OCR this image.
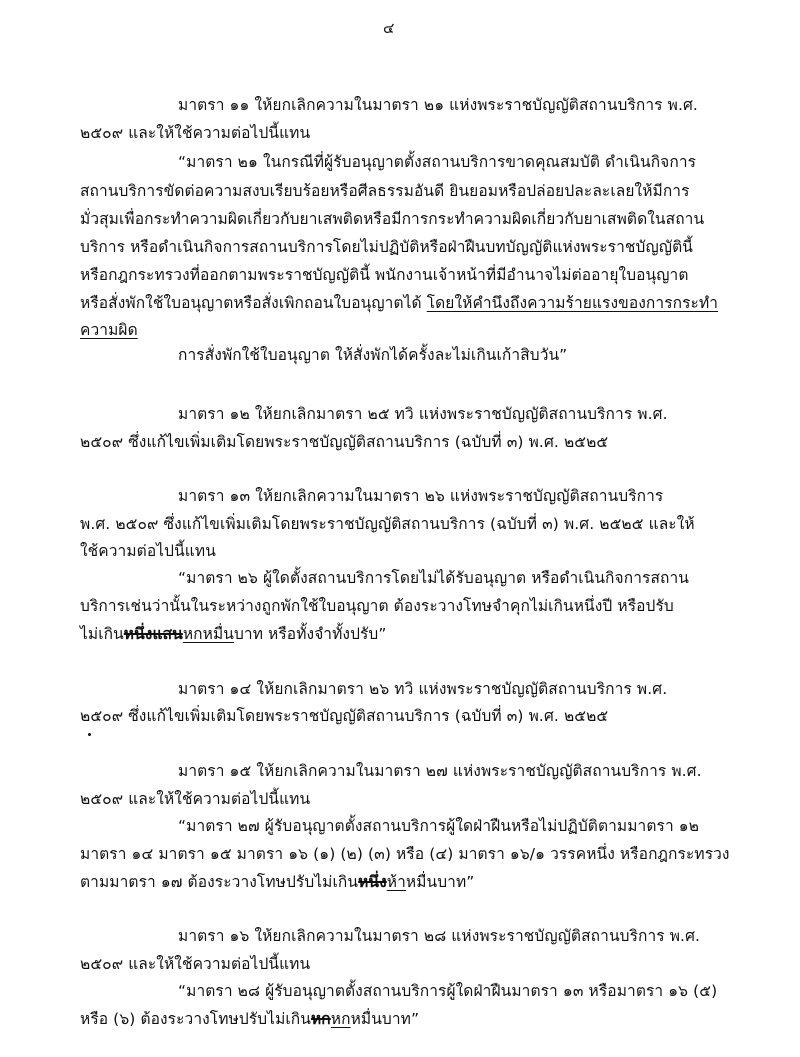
๔
มาตรา ๑๑ ให้ยกเลิกความในมาตรา ๒๑ แห่งพระราชบัญญัติสถานบริการ พ.ศ.
๒๕๐๙ และให้ใช้ความต่อไปนี้แทน
“มาตรา ๒๑ ในกรณีที่ผู้รับอนุญาตตั้งสถานบริการขาดคุณสมบัติ ดำเนินกิจการ
สถานบริการขัดต่อความสงบเรียบร้อยหรือศีลธรรมอันดี ยินยอมหรือปล่อยปละละเลยให้มีการ
มั่วสุมเพื่อกระทำความผิดเกี่ยวกับยาเสพติดหรือมีการกระทำความผิดเกี่ยวกับยาเสพติดในสถาน
บริการ หรือดำเนินกิจการสถานบริการโดยไม่ปฏิบัติหรือฝ่าฝืนบทบัญญัติแห่งพระราชบัญญัตินี้
หรือกฎกระทรวงที่ออกตามพระราชบัญญัตินี้ พนักงานเจ้าหน้าที่มีอำนาจไม่ต่ออายุใบอนุญาต
หรือสั่งพักใช้ใบอนุญาตหรือสั่งเพิกถอนใบอนุญาตได้ โดยให้คำนึงถึงความร้ายแรงของการกระทำ
ความผิด
การสั่งพักใช้ใบอนุญาต ให้สั่งพักได้ครั้งละไม่เกินเก้าสิบวัน”
มาตรา ๑๒ ให้ยกเลิกมาตรา ๒๕ ทวิ แห่งพระราชบัญญัติสถานบริการ พ.ศ.
๒๕๐๙ ซึ่งแก้ไขเพิ่มเติมโดยพระราชบัญญัติสถานบริการ (ฉบับที่ ๓) พ.ศ. ๒๕๒๕
มาตรา ๑๓ ให้ยกเลิกความในมาตรา ๒๖ แห่งพระราชบัญญัติสถานบริการ
พ.ศ. ๒๕๐๙ ซึ่งแก้ไขเพิ่มเติมโดยพระราชบัญญัติสถานบริการ (ฉบับที่ ๓) พ.ศ. ๒๕๒๕ และให้
ใช้ความต่อไปนี้แทน
“มาตรา ๒๖ ผู้ใดตั้งสถานบริการโดยไม่ได้รับอนุญาต หรือดำเนินกิจการสถาน
บริการเช่นว่านั้นในระหว่างถูกพักใช้ใบอนุญาต ต้องระวางโทษจำคุกไม่เกินหนึ่งปี หรือปรับ
ไม่เกินหนึ่งแสนหกหมื่นบาท หรือทั้งจำทั้งปรับ”
มาตรา ๑๔ ให้ยกเลิกมาตรา ๒๖ ทวิ แห่งพระราชบัญญัติสถานบริการ พ.ศ.
๒๕๐๙ ซึ่งแก้ไขเพิ่มเติมโดยพระราชบัญญัติสถานบริการ (ฉบับที่ ๓) พ.ศ. ๒๕๒๕
มาตรา ๑๕ ให้ยกเลิกความในมาตรา ๒๗ แห่งพระราชบัญญัติสถานบริการ พ.ศ.
๒๕๐๙ และให้ใช้ความต่อไปนี้แทน
“มาตรา ๒๗ ผู้รับอนุญาตตั้งสถานบริการผู้ใดฝ่าฝืนหรือไม่ปฏิบัติตามมาตรา ๑๒
มาตรา ๑๔ มาตรา ๑๕ มาตรา ๑๖ (๑) (๒) (๓) หรือ (๔) มาตรา ๑๖/๑ วรรคหนึ่ง หรือกฎกระทรวง
ตามมาตรา ๑๗ ต้องระวางโทษปรับไม่เกินหนึ่งห้าหมื่นบาท”
มาตรา ๑๖ ให้ยกเลิกความในมาตรา ๒๘ แห่งพระราชบัญญัติสถานบริการ พ.ศ.
๒๕๐๙ และให้ใช้ความต่อไปนี้แทน
“มาตรา ๒๘ ผู้รับอนุญาตตั้งสถานบริการผู้ใดฝ่าฝืนมาตรา ๑๓ หรือมาตรา ๑๖ (๕)
หรือ (๖) ต้องระวางโทษปรับไม่เกินหกหกหมื่นบาท”
